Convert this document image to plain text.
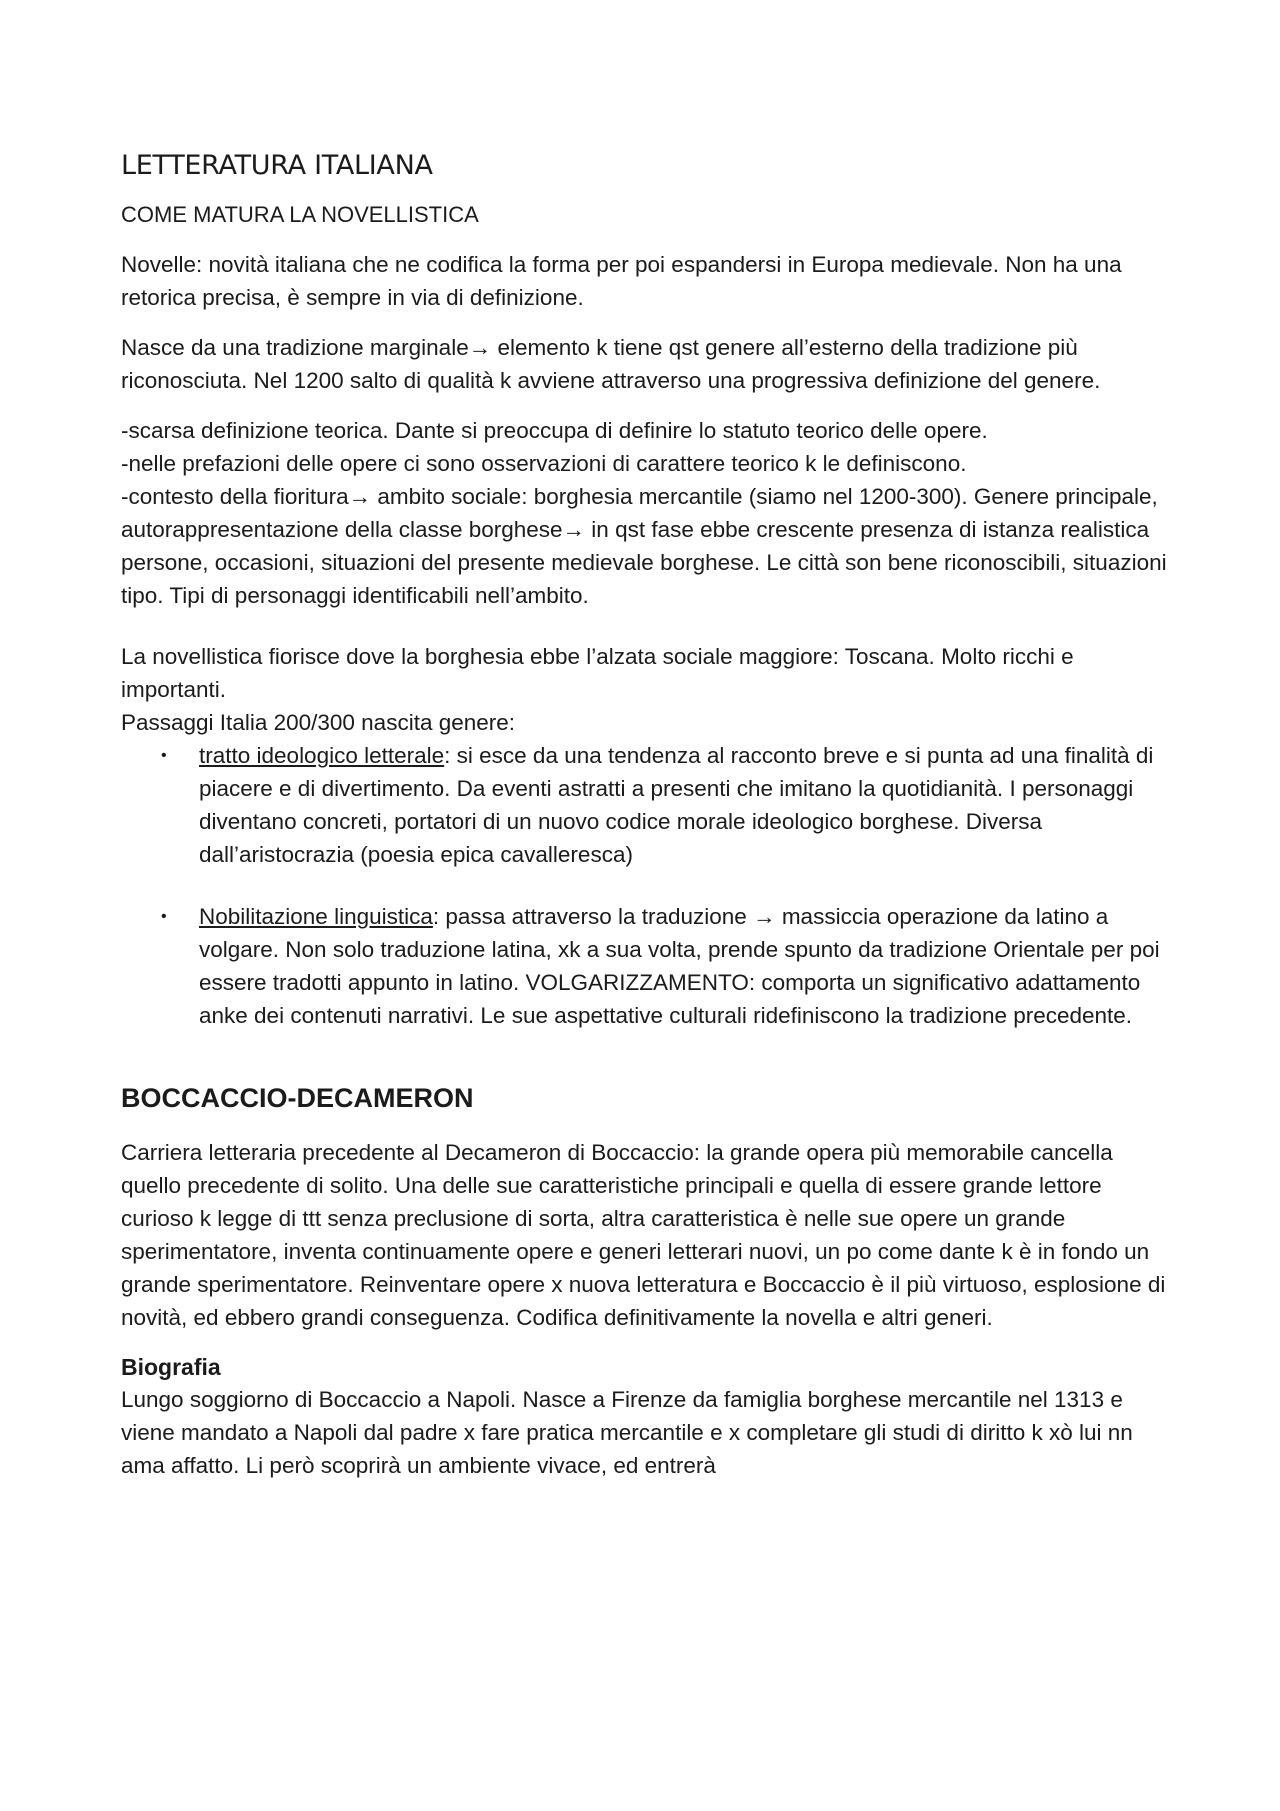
LETTERATURA ITALIANA
COME MATURA LA NOVELLISTICA

Novelle: novità italiana che ne codifica la forma per poi espandersi in Europa medievale. Non ha una retorica precisa, è sempre in via di definizione.

Nasce da una tradizione marginale→ elemento k tiene qst genere all’esterno della tradizione più riconosciuta. Nel 1200 salto di qualità k avviene attraverso una progressiva definizione del genere.

-scarsa definizione teorica. Dante si preoccupa di definire lo statuto teorico delle opere.

-nelle prefazioni delle opere ci sono osservazioni di carattere teorico k le definiscono.

-contesto della fioritura→ ambito sociale: borghesia mercantile (siamo nel 1200-300). Genere principale, autorappresentazione della classe borghese→ in qst fase ebbe crescente presenza di istanza realistica persone, occasioni, situazioni del presente medievale borghese. Le città son bene riconoscibili, situazioni tipo. Tipi di personaggi identificabili nell’ambito.

La novellistica fiorisce dove la borghesia ebbe l’alzata sociale maggiore: Toscana. Molto ricchi e importanti.

Passaggi Italia 200/300 nascita genere:

• tratto ideologico letterale: si esce da una tendenza al racconto breve e si punta ad una finalità di piacere e di divertimento. Da eventi astratti a presenti che imitano la quotidianità. I personaggi diventano concreti, portatori di un nuovo codice morale ideologico borghese. Diversa dall’aristocrazia (poesia epica cavalleresca)
• Nobilitazione linguistica: passa attraverso la traduzione → massiccia operazione da latino a volgare. Non solo traduzione latina, xk a sua volta, prende spunto da tradizione Orientale per poi essere tradotti appunto in latino. VOLGARIZZAMENTO: comporta un significativo adattamento anke dei contenuti narrativi. Le sue aspettative culturali ridefiniscono la tradizione precedente.
BOCCACCIO-DECAMERON

Carriera letteraria precedente al Decameron di Boccaccio: la grande opera più memorabile cancella quello precedente di solito. Una delle sue caratteristiche principali e quella di essere grande lettore curioso k legge di ttt senza preclusione di sorta, altra caratteristica è nelle sue opere un grande sperimentatore, inventa continuamente opere e generi letterari nuovi, un po come dante k è in fondo un grande sperimentatore. Reinventare opere x nuova letteratura e Boccaccio è il più virtuoso, esplosione di novità, ed ebbero grandi conseguenza. Codifica definitivamente la novella e altri generi.

Biografia

Lungo soggiorno di Boccaccio a Napoli. Nasce a Firenze da famiglia borghese mercantile nel 1313 e viene mandato a Napoli dal padre x fare pratica mercantile e x completare gli studi di diritto k xò lui nn ama affatto. Li però scoprirà un ambiente vivace, ed entrerà
